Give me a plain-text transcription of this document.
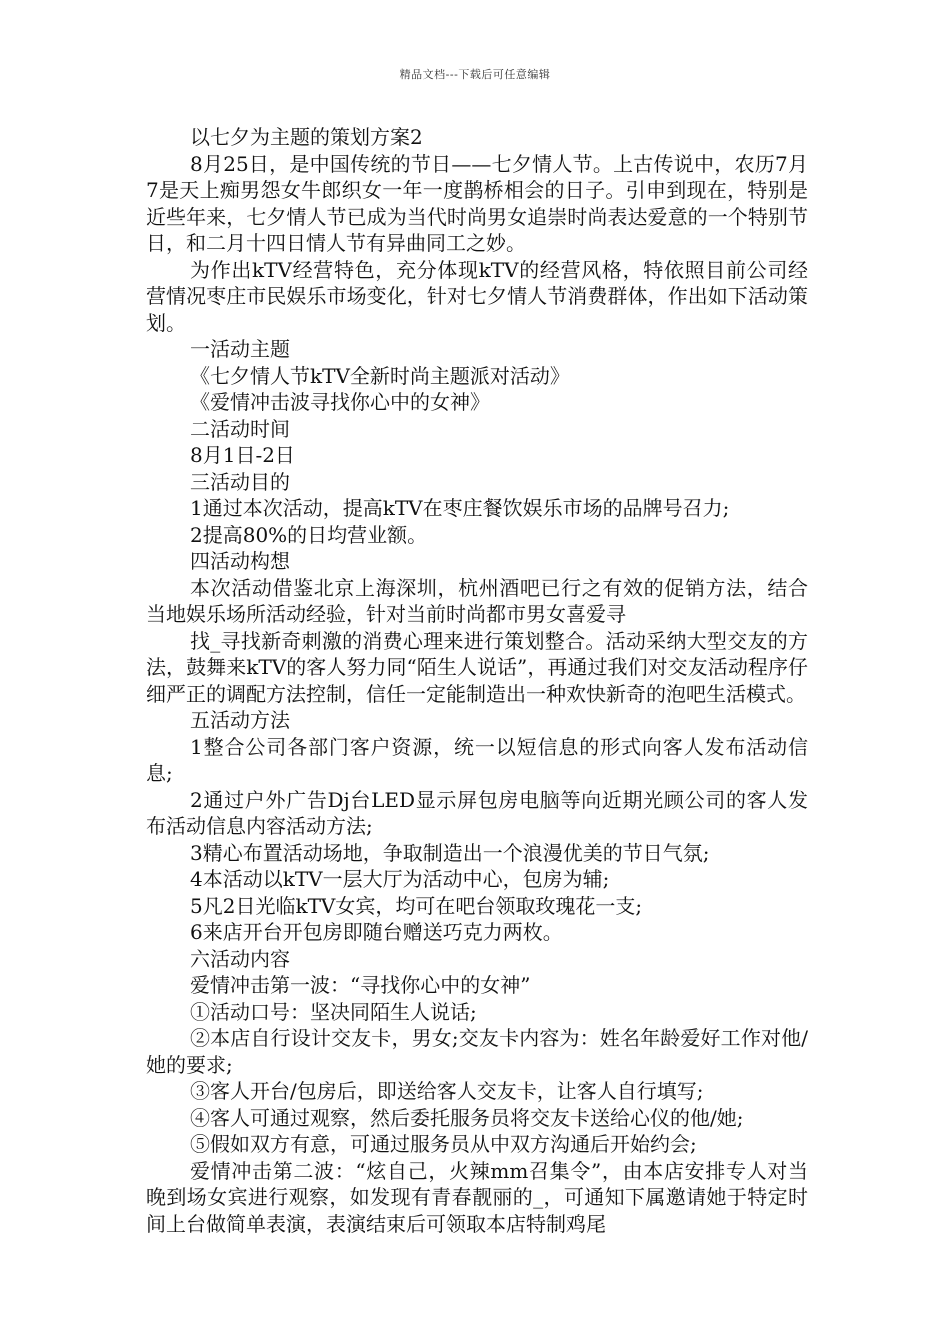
精品文档---下载后可任意编辑

以七夕为主题的策划方案2

8月25日，是中国传统的节日——七夕情人节。上古传说中，农历7月7是天上痴男怨女牛郎织女一年一度鹊桥相会的日子。引申到现在，特别是近些年来，七夕情人节已成为当代时尚男女追崇时尚表达爱意的一个特别节日，和二月十四日情人节有异曲同工之妙。

为作出kTV经营特色，充分体现kTV的经营风格，特依照目前公司经营情况枣庄市民娱乐市场变化，针对七夕情人节消费群体，作出如下活动策划。

一活动主题

《七夕情人节kTV全新时尚主题派对活动》

《爱情冲击波寻找你心中的女神》

二活动时间

8月1日-2日

三活动目的

1通过本次活动，提高kTV在枣庄餐饮娱乐市场的品牌号召力;

2提高80%的日均营业额。

四活动构想

本次活动借鉴北京上海深圳，杭州酒吧已行之有效的促销方法，结合当地娱乐场所活动经验，针对当前时尚都市男女喜爱寻

找_寻找新奇刺激的消费心理来进行策划整合。活动采纳大型交友的方法，鼓舞来kTV的客人努力同“陌生人说话”，再通过我们对交友活动程序仔细严正的调配方法控制，信任一定能制造出一种欢快新奇的泡吧生活模式。

五活动方法

1整合公司各部门客户资源，统一以短信息的形式向客人发布活动信息;

2通过户外广告Dj台LED显示屏包房电脑等向近期光顾公司的客人发布活动信息内容活动方法;

3精心布置活动场地，争取制造出一个浪漫优美的节日气氛;

4本活动以kTV一层大厅为活动中心，包房为辅;

5凡2日光临kTV女宾，均可在吧台领取玫瑰花一支;

6来店开台开包房即随台赠送巧克力两枚。

六活动内容

爱情冲击第一波：“寻找你心中的女神”

①活动口号：坚决同陌生人说话;

②本店自行设计交友卡，男女;交友卡内容为：姓名年龄爱好工作对他/她的要求;

③客人开台/包房后，即送给客人交友卡，让客人自行填写;

④客人可通过观察，然后委托服务员将交友卡送给心仪的他/她;

⑤假如双方有意，可通过服务员从中双方沟通后开始约会;

爱情冲击第二波：“炫自己，火辣mm召集令”，由本店安排专人对当晚到场女宾进行观察，如发现有青春靓丽的_，可通知下属邀请她于特定时间上台做简单表演，表演结束后可领取本店特制鸡尾
